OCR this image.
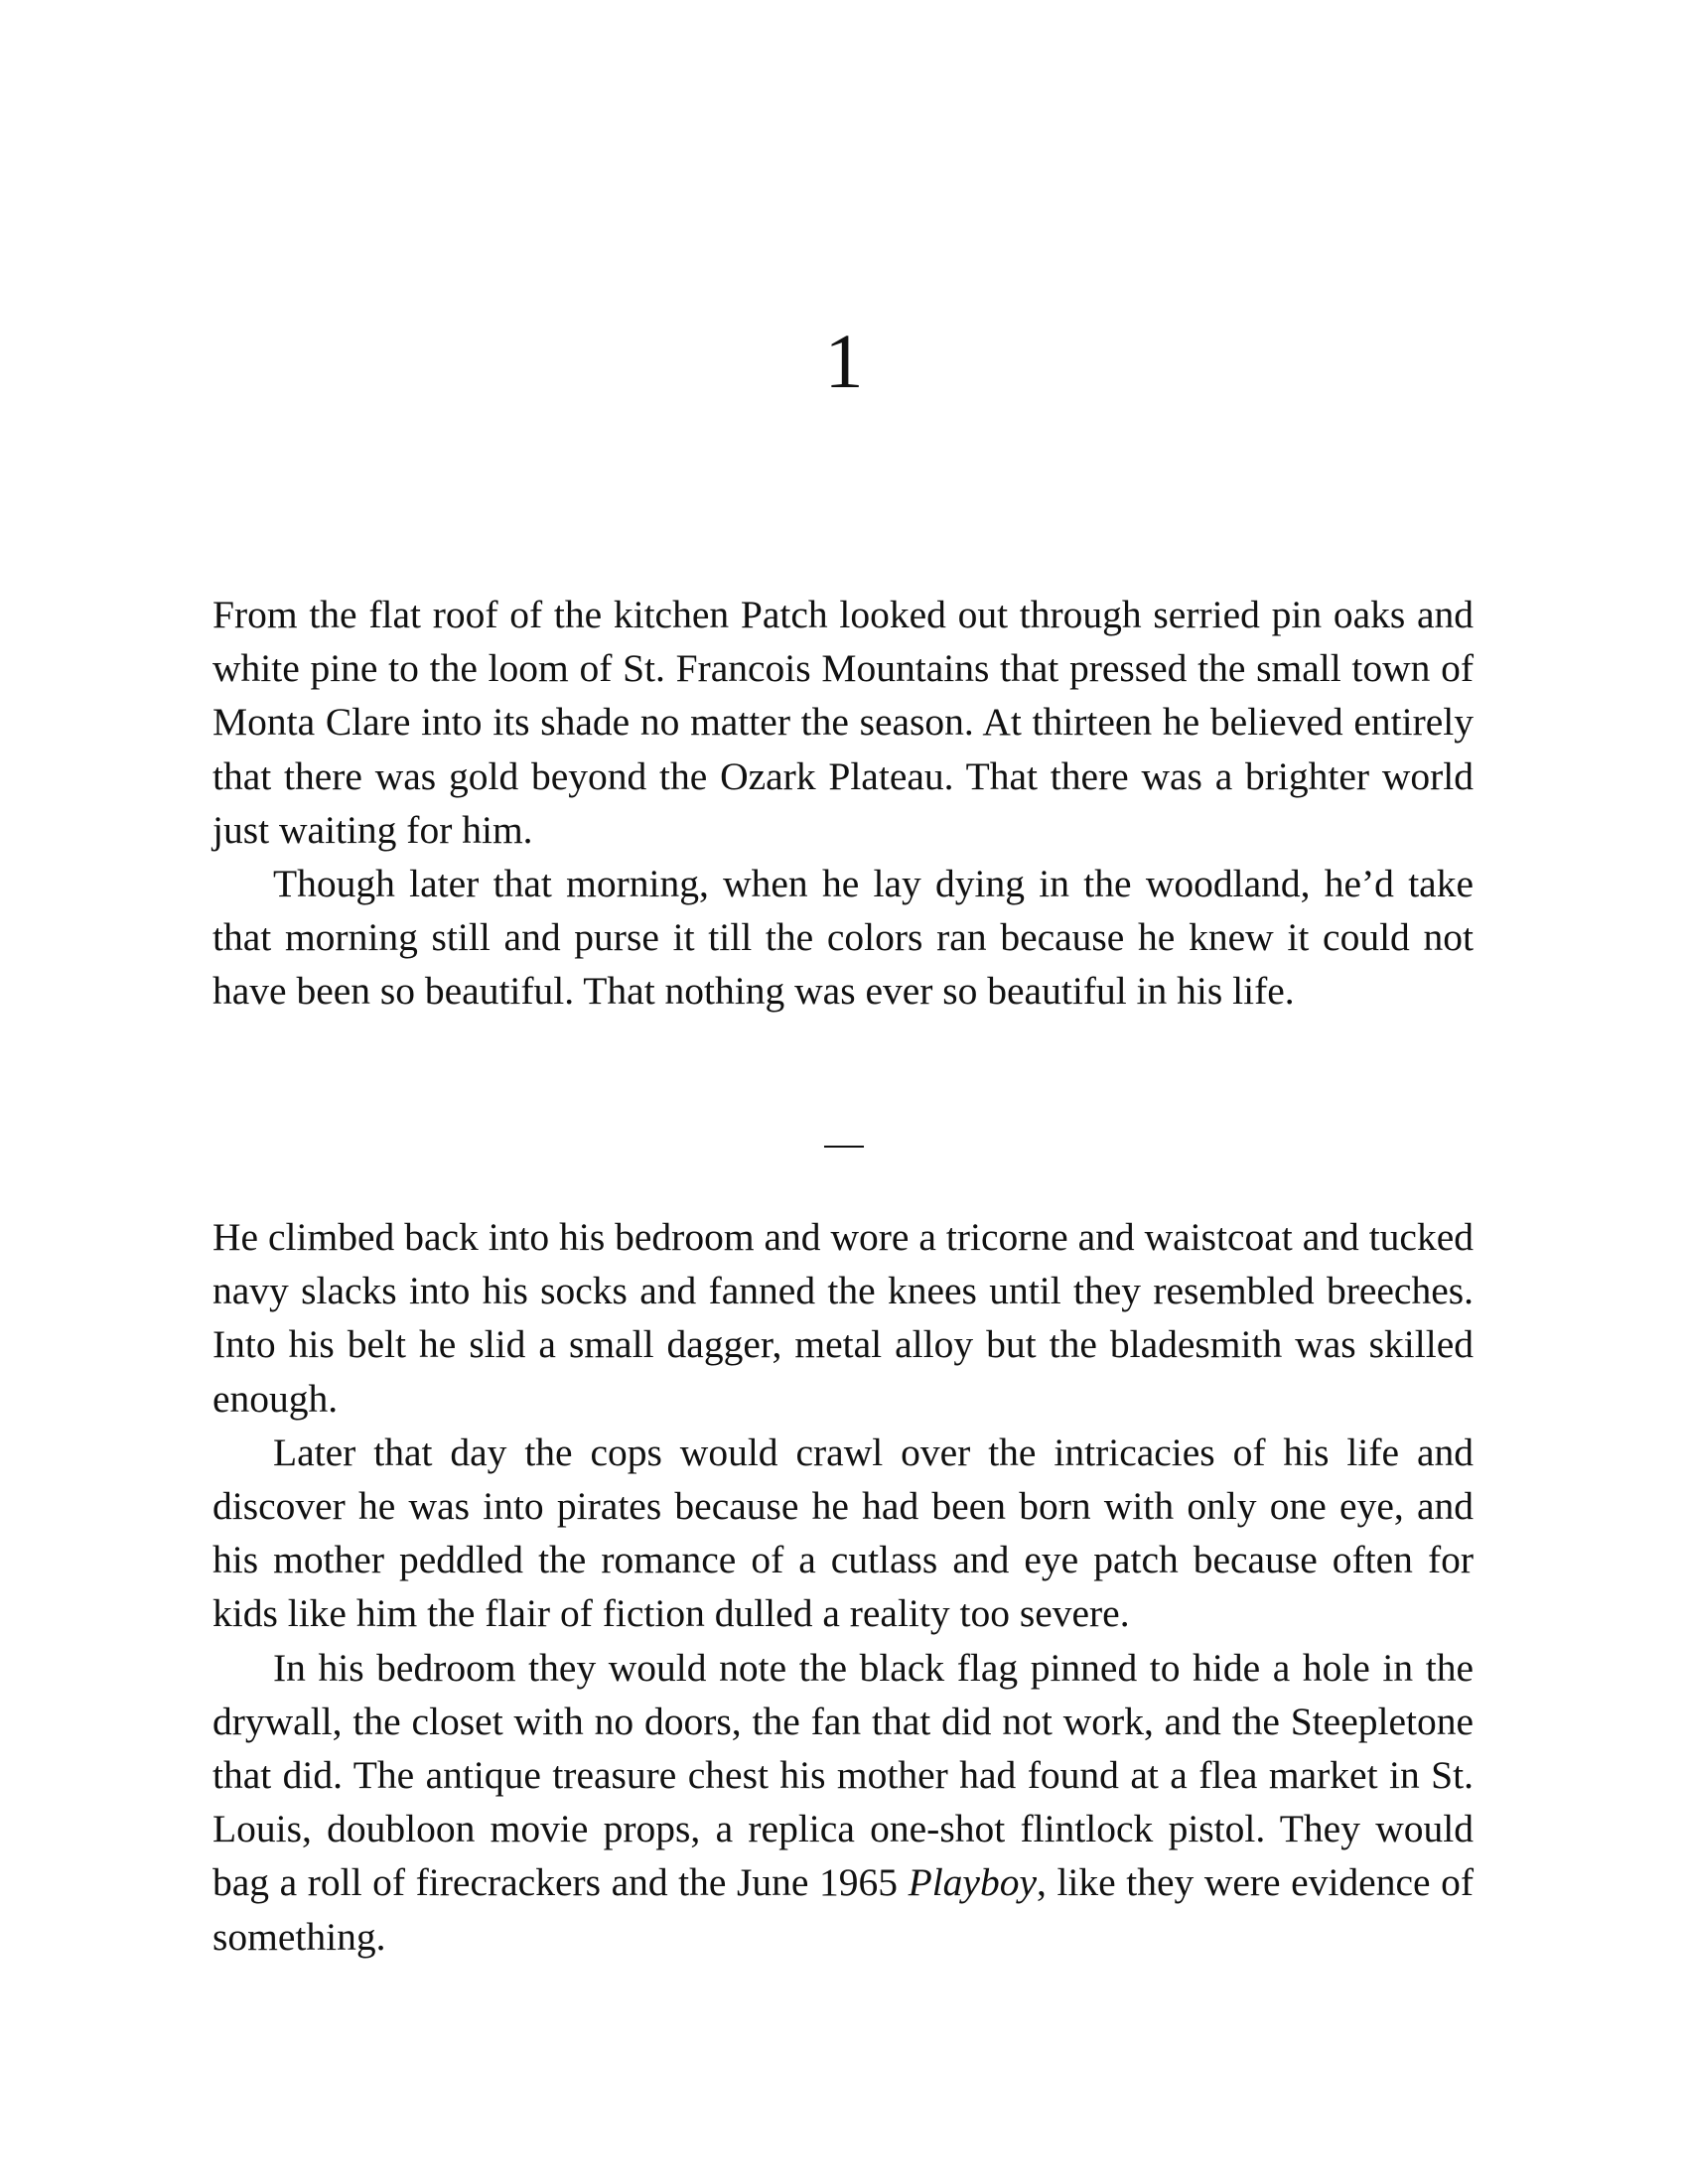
1

From the flat roof of the kitchen Patch looked out through serried pin oaks and white pine to the loom of St. Francois Mountains that pressed the small town of Monta Clare into its shade no matter the season. At thirteen he believed entirely that there was gold beyond the Ozark Plateau. That there was a brighter world just waiting for him.

Though later that morning, when he lay dying in the woodland, he’d take that morning still and purse it till the colors ran because he knew it could not have been so beautiful. That nothing was ever so beautiful in his life.

—

He climbed back into his bedroom and wore a tricorne and waistcoat and tucked navy slacks into his socks and fanned the knees until they resembled breeches. Into his belt he slid a small dagger, metal alloy but the bladesmith was skilled enough.

Later that day the cops would crawl over the intricacies of his life and discover he was into pirates because he had been born with only one eye, and his mother peddled the romance of a cutlass and eye patch because often for kids like him the flair of fiction dulled a reality too severe.

In his bedroom they would note the black flag pinned to hide a hole in the drywall, the closet with no doors, the fan that did not work, and the Steepletone that did. The antique treasure chest his mother had found at a flea market in St. Louis, doubloon movie props, a replica one-shot flintlock pistol. They would bag a roll of firecrackers and the June 1965 Playboy, like they were evidence of something.
